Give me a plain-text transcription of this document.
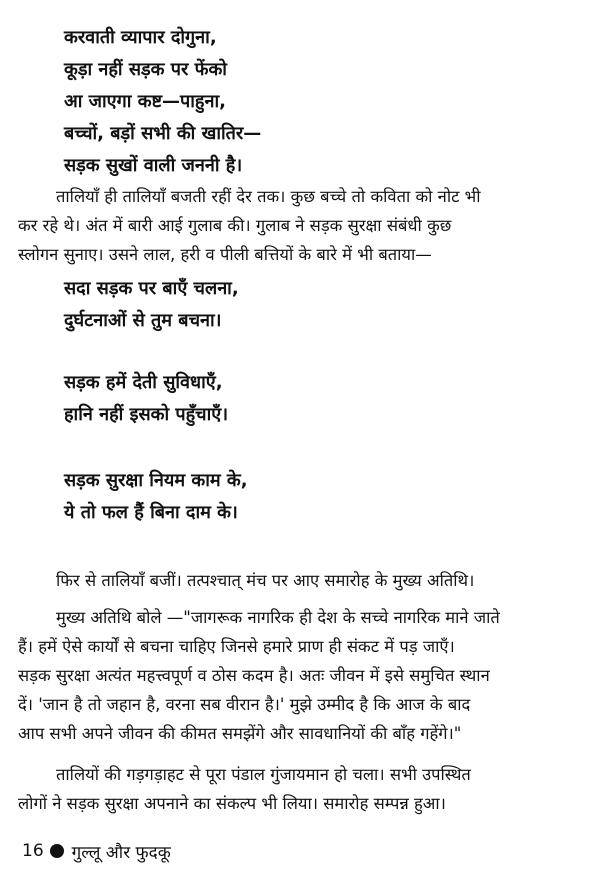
करवाती व्यापार दोगुना,
कूड़ा नहीं सड़क पर फेंको
आ जाएगा कष्ट—पाहुना,
बच्चों, बड़ों सभी की खातिर—
सड़क सुखों वाली जननी है।
तालियाँ ही तालियाँ बजती रहीं देर तक। कुछ बच्चे तो कविता को नोट भी
कर रहे थे। अंत में बारी आई गुलाब की। गुलाब ने सड़क सुरक्षा संबंधी कुछ
स्लोगन सुनाए। उसने लाल, हरी व पीली बत्तियों के बारे में भी बताया—
सदा सड़क पर बाएँ चलना,
दुर्घटनाओं से तुम बचना।
सड़क हमें देती सुविधाएँ,
हानि नहीं इसको पहुँचाएँ।
सड़क सुरक्षा नियम काम के,
ये तो फल हैं बिना दाम के।
फिर से तालियाँ बजीं। तत्पश्चात् मंच पर आए समारोह के मुख्य अतिथि।
मुख्य अतिथि बोले —"जागरूक नागरिक ही देश के सच्चे नागरिक माने जाते
हैं। हमें ऐसे कार्यों से बचना चाहिए जिनसे हमारे प्राण ही संकट में पड़ जाएँ।
सड़क सुरक्षा अत्यंत महत्त्वपूर्ण व ठोस कदम है। अतः जीवन में इसे समुचित स्थान
दें। 'जान है तो जहान है, वरना सब वीरान है।' मुझे उम्मीद है कि आज के बाद
आप सभी अपने जीवन की कीमत समझेंगे और सावधानियों की बाँह गहेंगे।"
तालियों की गड़गड़ाहट से पूरा पंडाल गुंजायमान हो चला। सभी उपस्थित
लोगों ने सड़क सुरक्षा अपनाने का संकल्प भी लिया। समारोह सम्पन्न हुआ।
16 गुल्लू और फुदकू
